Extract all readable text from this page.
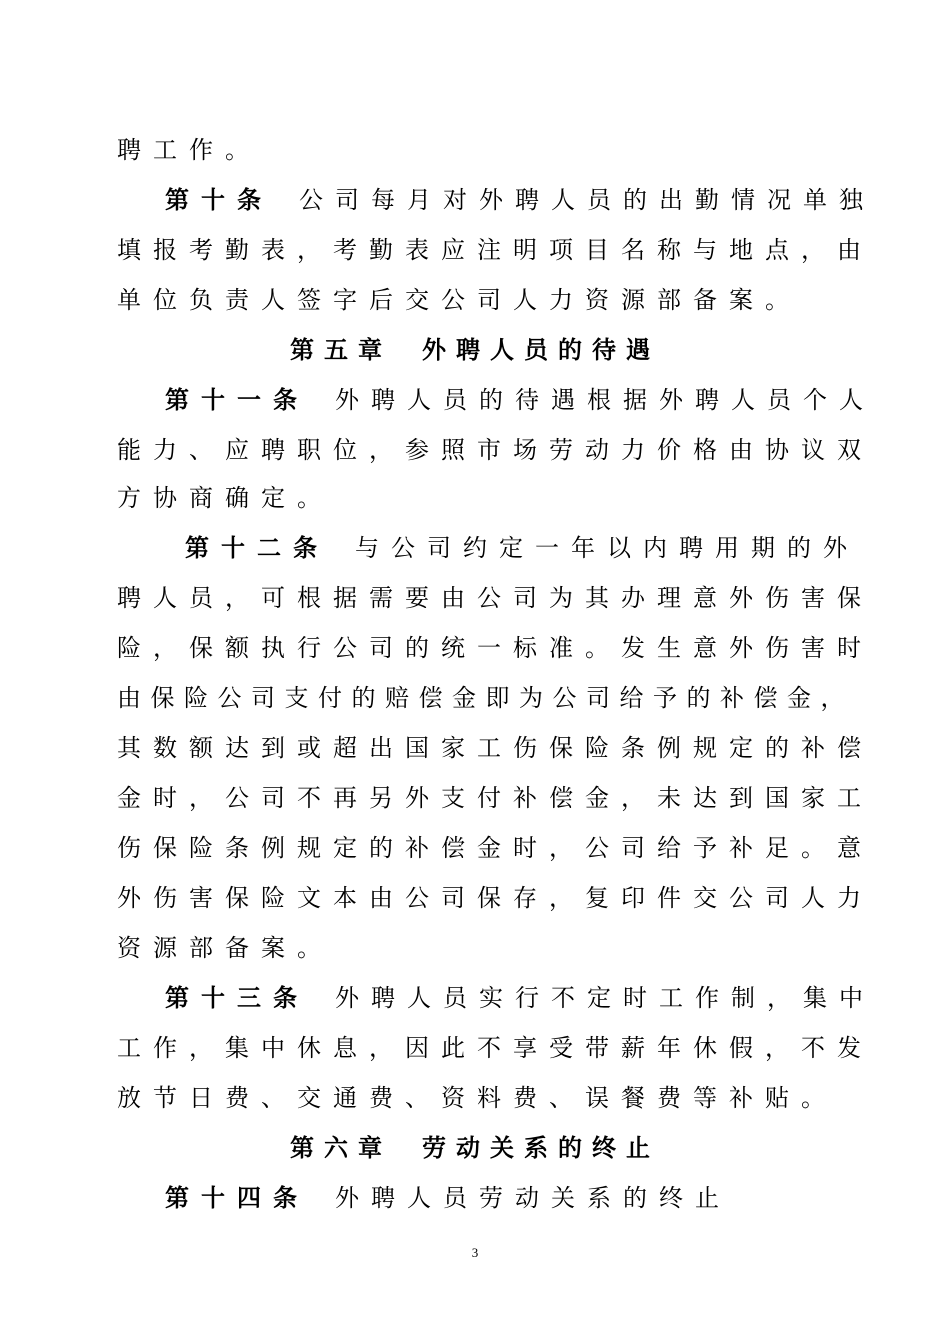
聘工作。
第十条 公司每月对外聘人员的出勤情况单独
填报考勤表，考勤表应注明项目名称与地点，由
单位负责人签字后交公司人力资源部备案。
第五章 外聘人员的待遇
第十一条 外聘人员的待遇根据外聘人员个人
能力、应聘职位，参照市场劳动力价格由协议双
方协商确定。
第十二条 与公司约定一年以内聘用期的外
聘人员，可根据需要由公司为其办理意外伤害保
险，保额执行公司的统一标准。发生意外伤害时
由保险公司支付的赔偿金即为公司给予的补偿金，
其数额达到或超出国家工伤保险条例规定的补偿
金时，公司不再另外支付补偿金，未达到国家工
伤保险条例规定的补偿金时，公司给予补足。意
外伤害保险文本由公司保存，复印件交公司人力
资源部备案。
第十三条 外聘人员实行不定时工作制，集中
工作，集中休息，因此不享受带薪年休假，不发
放节日费、交通费、资料费、误餐费等补贴。
第六章 劳动关系的终止
第十四条 外聘人员劳动关系的终止
3
